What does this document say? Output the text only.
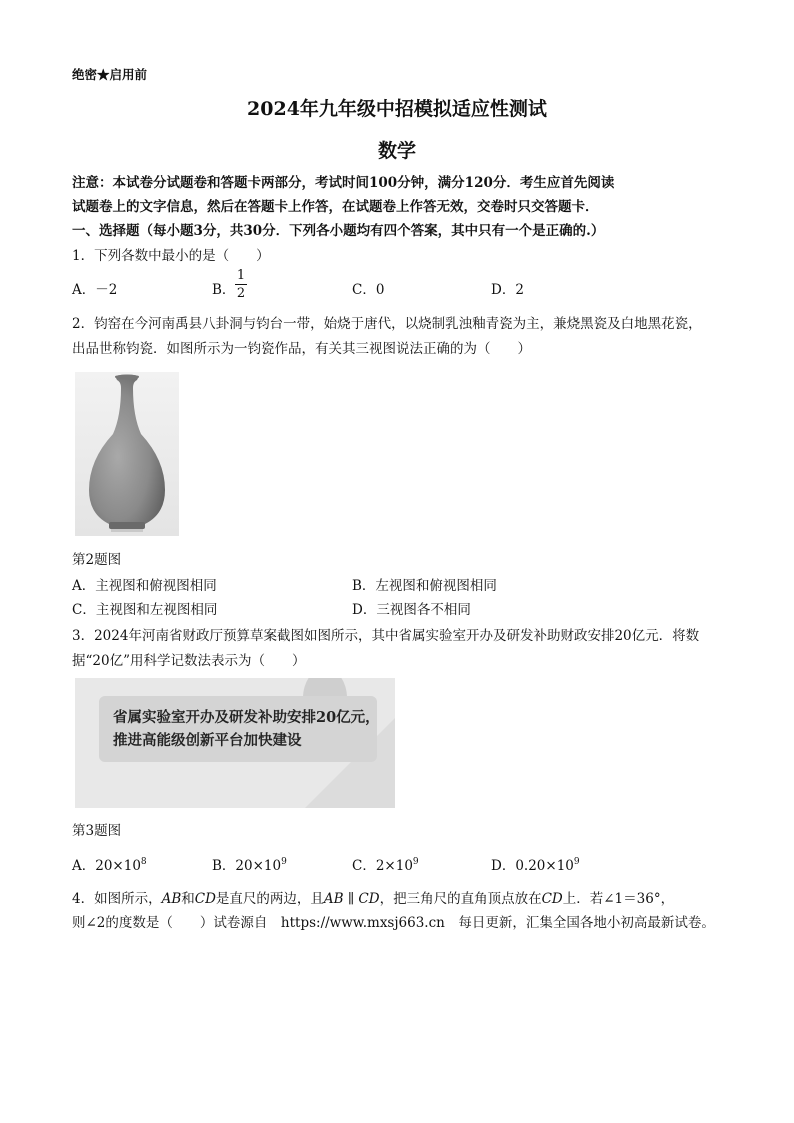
绝密★启用前
2024年九年级中招模拟适应性测试
数学
注意：本试卷分试题卷和答题卡两部分，考试时间100分钟，满分120分．考生应首先阅读
试题卷上的文字信息，然后在答题卡上作答，在试题卷上作答无效，交卷时只交答题卡．
一、选择题（每小题3分，共30分．下列各小题均有四个答案，其中只有一个是正确的.）
1．下列各数中最小的是（　　）
A．－2	B．
1
2	C．0	D．2
2．钧窑在今河南禹县八卦洞与钧台一带，始烧于唐代，以烧制乳浊釉青瓷为主，兼烧黑瓷及白地黑花瓷，
出品世称钧瓷．如图所示为一钧瓷作品，有关其三视图说法正确的为（　　）
第2题图
A．主视图和俯视图相同	B．左视图和俯视图相同
C．主视图和左视图相同	D．三视图各不相同
3．2024年河南省财政厅预算草案截图如图所示，其中省属实验室开办及研发补助财政安排20亿元．将数
据“20亿”用科学记数法表示为（　　）
省属实验室开办及研发补助安排20亿元，
推进高能级创新平台加快建设
第3题图
A．$20\times 10^8$	B．$20\times 10^9$	C．$2\times 10^9$	D．$0.20\times 10^9$
4．如图所示，AB和CD是直尺的两边，且AB ∥ CD，把三角尺的直角顶点放在CD上．若∠1＝36°，
则∠2的度数是（　　）试卷源自　https://www.mxsj663.cn　每日更新，汇集全国各地小初高最新试卷。
